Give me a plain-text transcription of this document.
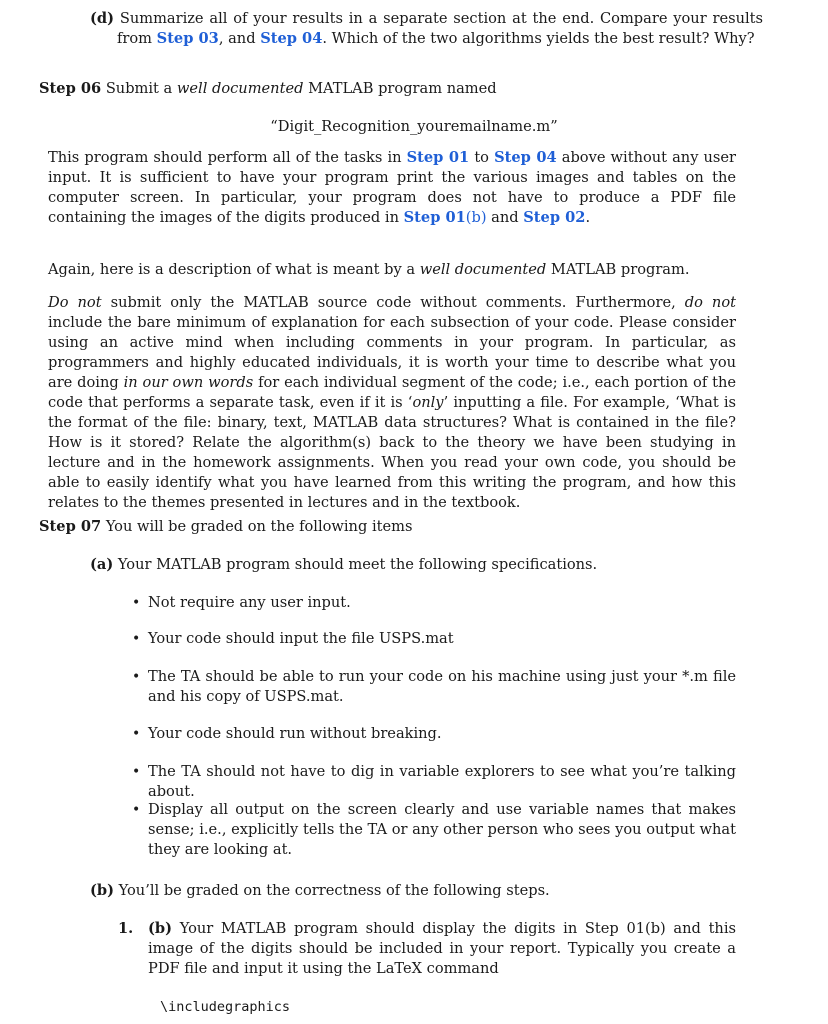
(d) Summarize all of your results in a separate section at the end. Compare your results from Step 03, and Step 04. Which of the two algorithms yields the best result? Why?
Step 06 Submit a well documented MATLAB program named
“Digit_Recognition_youremailname.m”
This program should perform all of the tasks in Step 01 to Step 04 above without any user input. It is sufficient to have your program print the various images and tables on the computer screen. In particular, your program does not have to produce a PDF file containing the images of the digits produced in Step 01(b) and Step 02.
Again, here is a description of what is meant by a well documented MATLAB program.
Do not submit only the MATLAB source code without comments. Furthermore, do not include the bare minimum of explanation for each subsection of your code. Please consider using an active mind when including comments in your program. In particular, as programmers and highly educated individuals, it is worth your time to describe what you are doing in our own words for each individual segment of the code; i.e., each portion of the code that performs a separate task, even if it is ‘only’ inputting a file. For example, ‘What is the format of the file: binary, text, MATLAB data structures? What is contained in the file? How is it stored? Relate the algorithm(s) back to the theory we have been studying in lecture and in the homework assignments. When you read your own code, you should be able to easily identify what you have learned from this writing the program, and how this relates to the themes presented in lectures and in the textbook.
Step 07 You will be graded on the following items
(a) Your MATLAB program should meet the following specifications.
• Not require any user input.
• Your code should input the file USPS.mat
• The TA should be able to run your code on his machine using just your *.m file and his copy of USPS.mat.
• Your code should run without breaking.
• The TA should not have to dig in variable explorers to see what you’re talking about.
• Display all output on the screen clearly and use variable names that makes sense; i.e., explicitly tells the TA or any other person who sees you output what they are looking at.
(b) You’ll be graded on the correctness of the following steps.
1.	(b) Your MATLAB program should display the digits in Step 01(b) and this image of the digits should be included in your report. Typically you create a PDF file and input it using the LaTeX command
\includegraphics
